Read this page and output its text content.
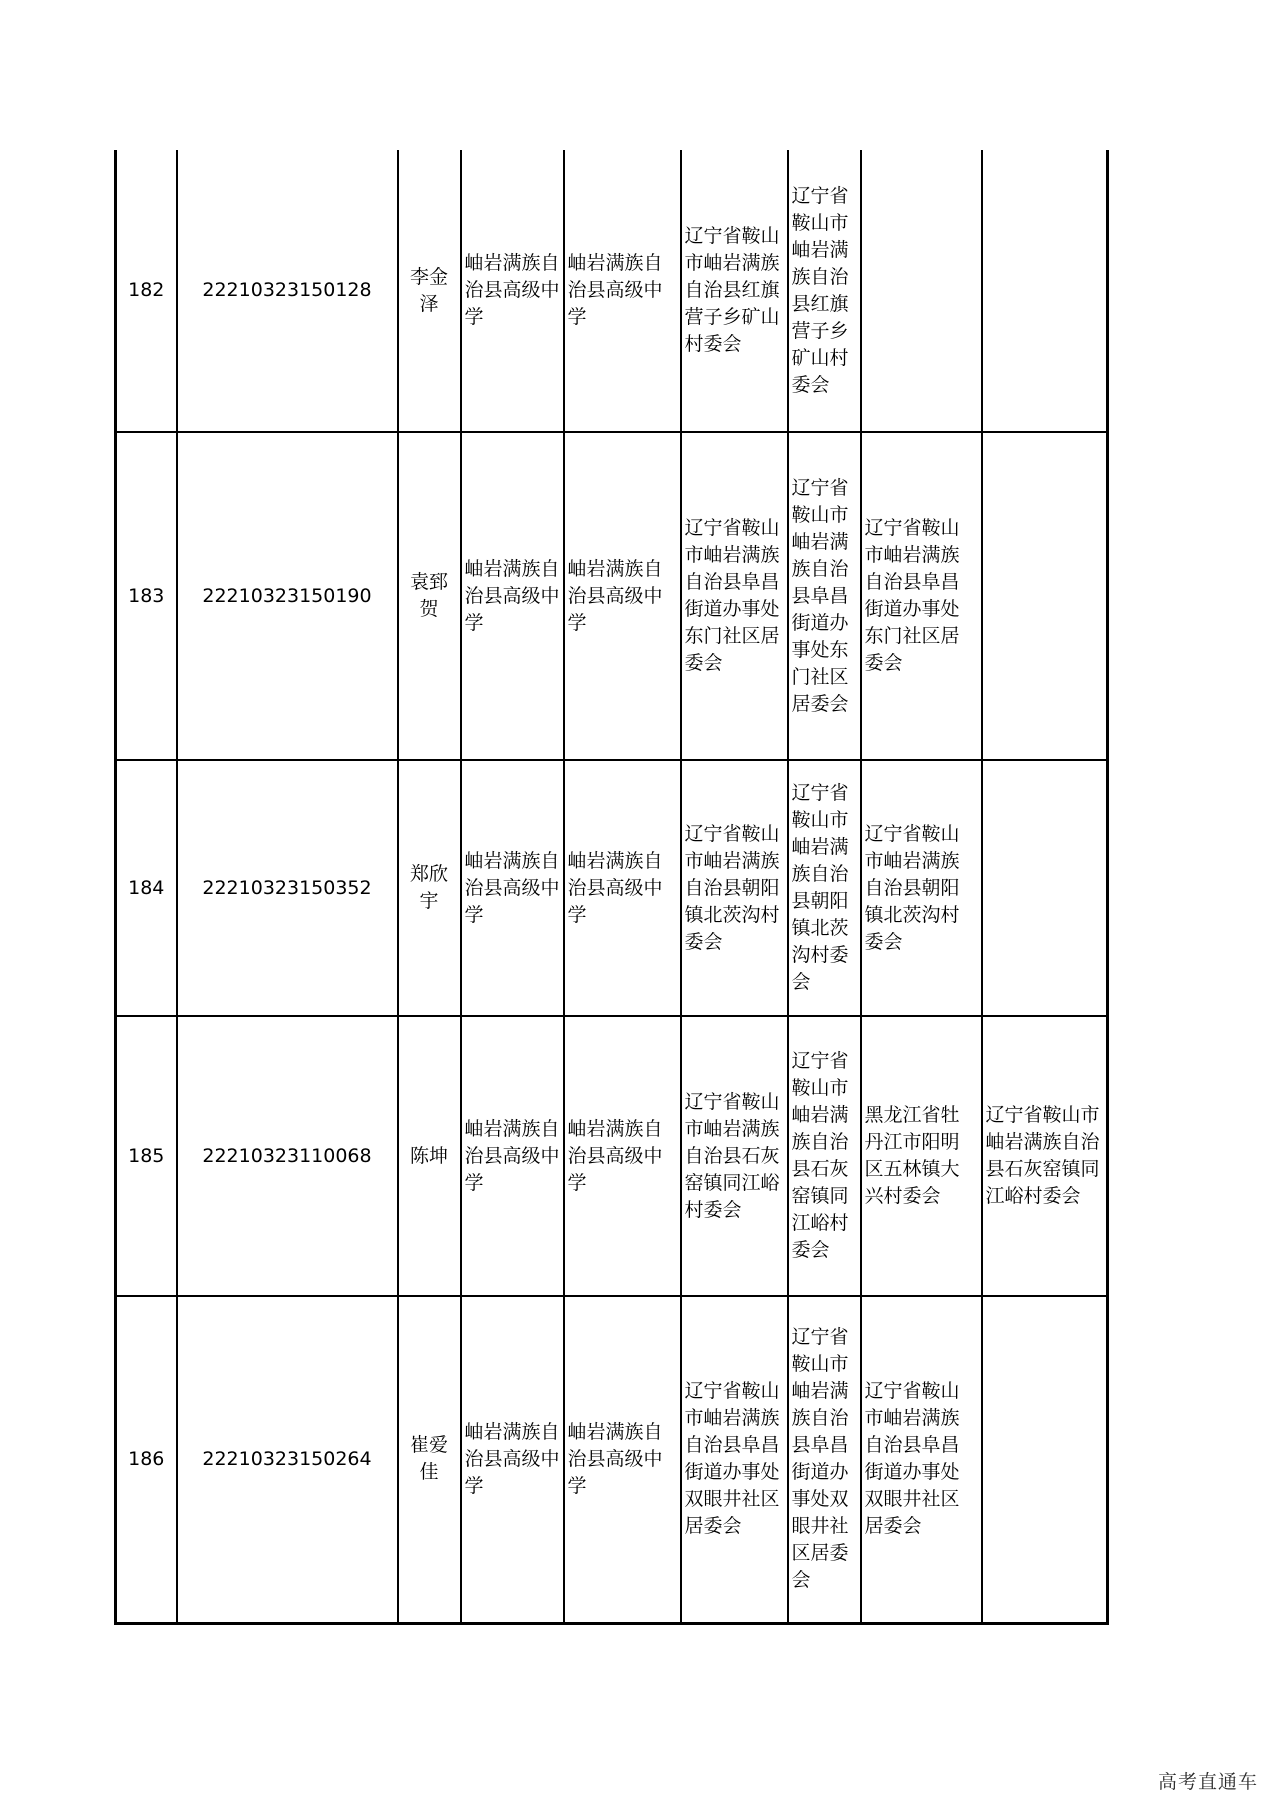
182	22210323150128	李金泽	岫岩满族自治县高级中学	岫岩满族自治县高级中学	辽宁省鞍山市岫岩满族自治县红旗营子乡矿山村委会	辽宁省鞍山市岫岩满族自治县红旗营子乡矿山村委会		
183	22210323150190	袁郅贺	岫岩满族自治县高级中学	岫岩满族自治县高级中学	辽宁省鞍山市岫岩满族自治县阜昌街道办事处东门社区居委会	辽宁省鞍山市岫岩满族自治县阜昌街道办事处东门社区居委会	辽宁省鞍山市岫岩满族自治县阜昌街道办事处东门社区居委会	
184	22210323150352	郑欣宇	岫岩满族自治县高级中学	岫岩满族自治县高级中学	辽宁省鞍山市岫岩满族自治县朝阳镇北茨沟村委会	辽宁省鞍山市岫岩满族自治县朝阳镇北茨沟村委会	辽宁省鞍山市岫岩满族自治县朝阳镇北茨沟村委会	
185	22210323110068	陈坤	岫岩满族自治县高级中学	岫岩满族自治县高级中学	辽宁省鞍山市岫岩满族自治县石灰窑镇同江峪村委会	辽宁省鞍山市岫岩满族自治县石灰窑镇同江峪村委会	黑龙江省牡丹江市阳明区五林镇大兴村委会	辽宁省鞍山市岫岩满族自治县石灰窑镇同江峪村委会
186	22210323150264	崔爱佳	岫岩满族自治县高级中学	岫岩满族自治县高级中学	辽宁省鞍山市岫岩满族自治县阜昌街道办事处双眼井社区居委会	辽宁省鞍山市岫岩满族自治县阜昌街道办事处双眼井社区居委会	辽宁省鞍山市岫岩满族自治县阜昌街道办事处双眼井社区居委会	
高考直通车
